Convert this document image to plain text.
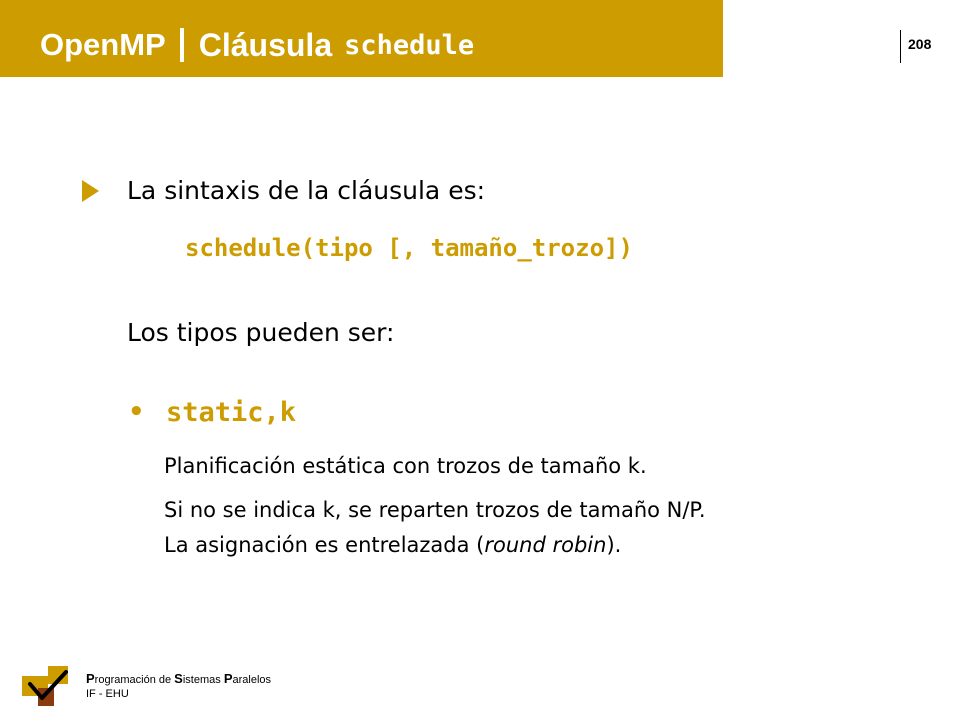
OpenMP Cláusula schedule	208
La sintaxis de la cláusula es:
schedule(tipo [, tamaño_trozo])
Los tipos pueden ser:
• static,k
Planificación estática con trozos de tamaño k.
Si no se indica k, se reparten trozos de tamaño N/P.
La asignación es entrelazada (round robin).
Programación de Sistemas Paralelos
IF - EHU
